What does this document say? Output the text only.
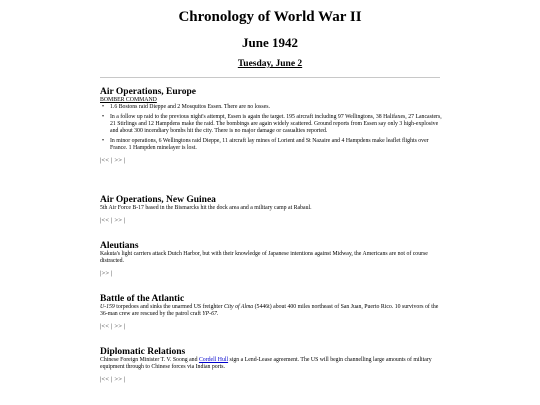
Chronology of World War II
June 1942
Tuesday, June 2
Air Operations, Europe
BOMBER COMMAND
• 1.6 Bostons raid Dieppe and 2 Mosquitos Essen. There are no losses.
• In a follow up raid to the previous night's attempt, Essen is again the target. 195 aircraft including 97 Wellingtons, 38 Halifaxes, 27 Lancasters, 21 Stirlings and 12 Hampdens make the raid. The bombings are again widely scattered. Ground reports from Essen say only 3 high-explosive and about 300 incendiary bombs hit the city. There is no major damage or casualties reported.
• In minor operations, 6 Wellingtons raid Dieppe, 11 aircraft lay mines of Lorient and St Nazaire and 4 Hampdens make leaflet flights over France. 1 Hampden minelayer is lost.
|<< | >> |
Air Operations, New Guinea

5th Air Force B-17 based in the Bismarcks hit the dock area and a military camp at Rabaul.

|<< | >> |
Aleutians

Kakuta's light carriers attack Dutch Harbor, but with their knowledge of Japanese intentions against Midway, the Americans are not of course distracted.

|>> |
Battle of the Atlantic

U-159 torpedoes and sinks the unarmed US freighter City of Alma (5446t) about 400 miles northeast of San Juan, Puerto Rico. 10 survivors of the 36-man crew are rescued by the patrol craft YP-67.

|<< | >> |
Diplomatic Relations

Chinese Foreign Minister T. V. Soong and Cordell Hull sign a Lend-Lease agreement. The US will begin channelling large amounts of military equipment through to Chinese forces via Indian ports.

|<< | >> |
